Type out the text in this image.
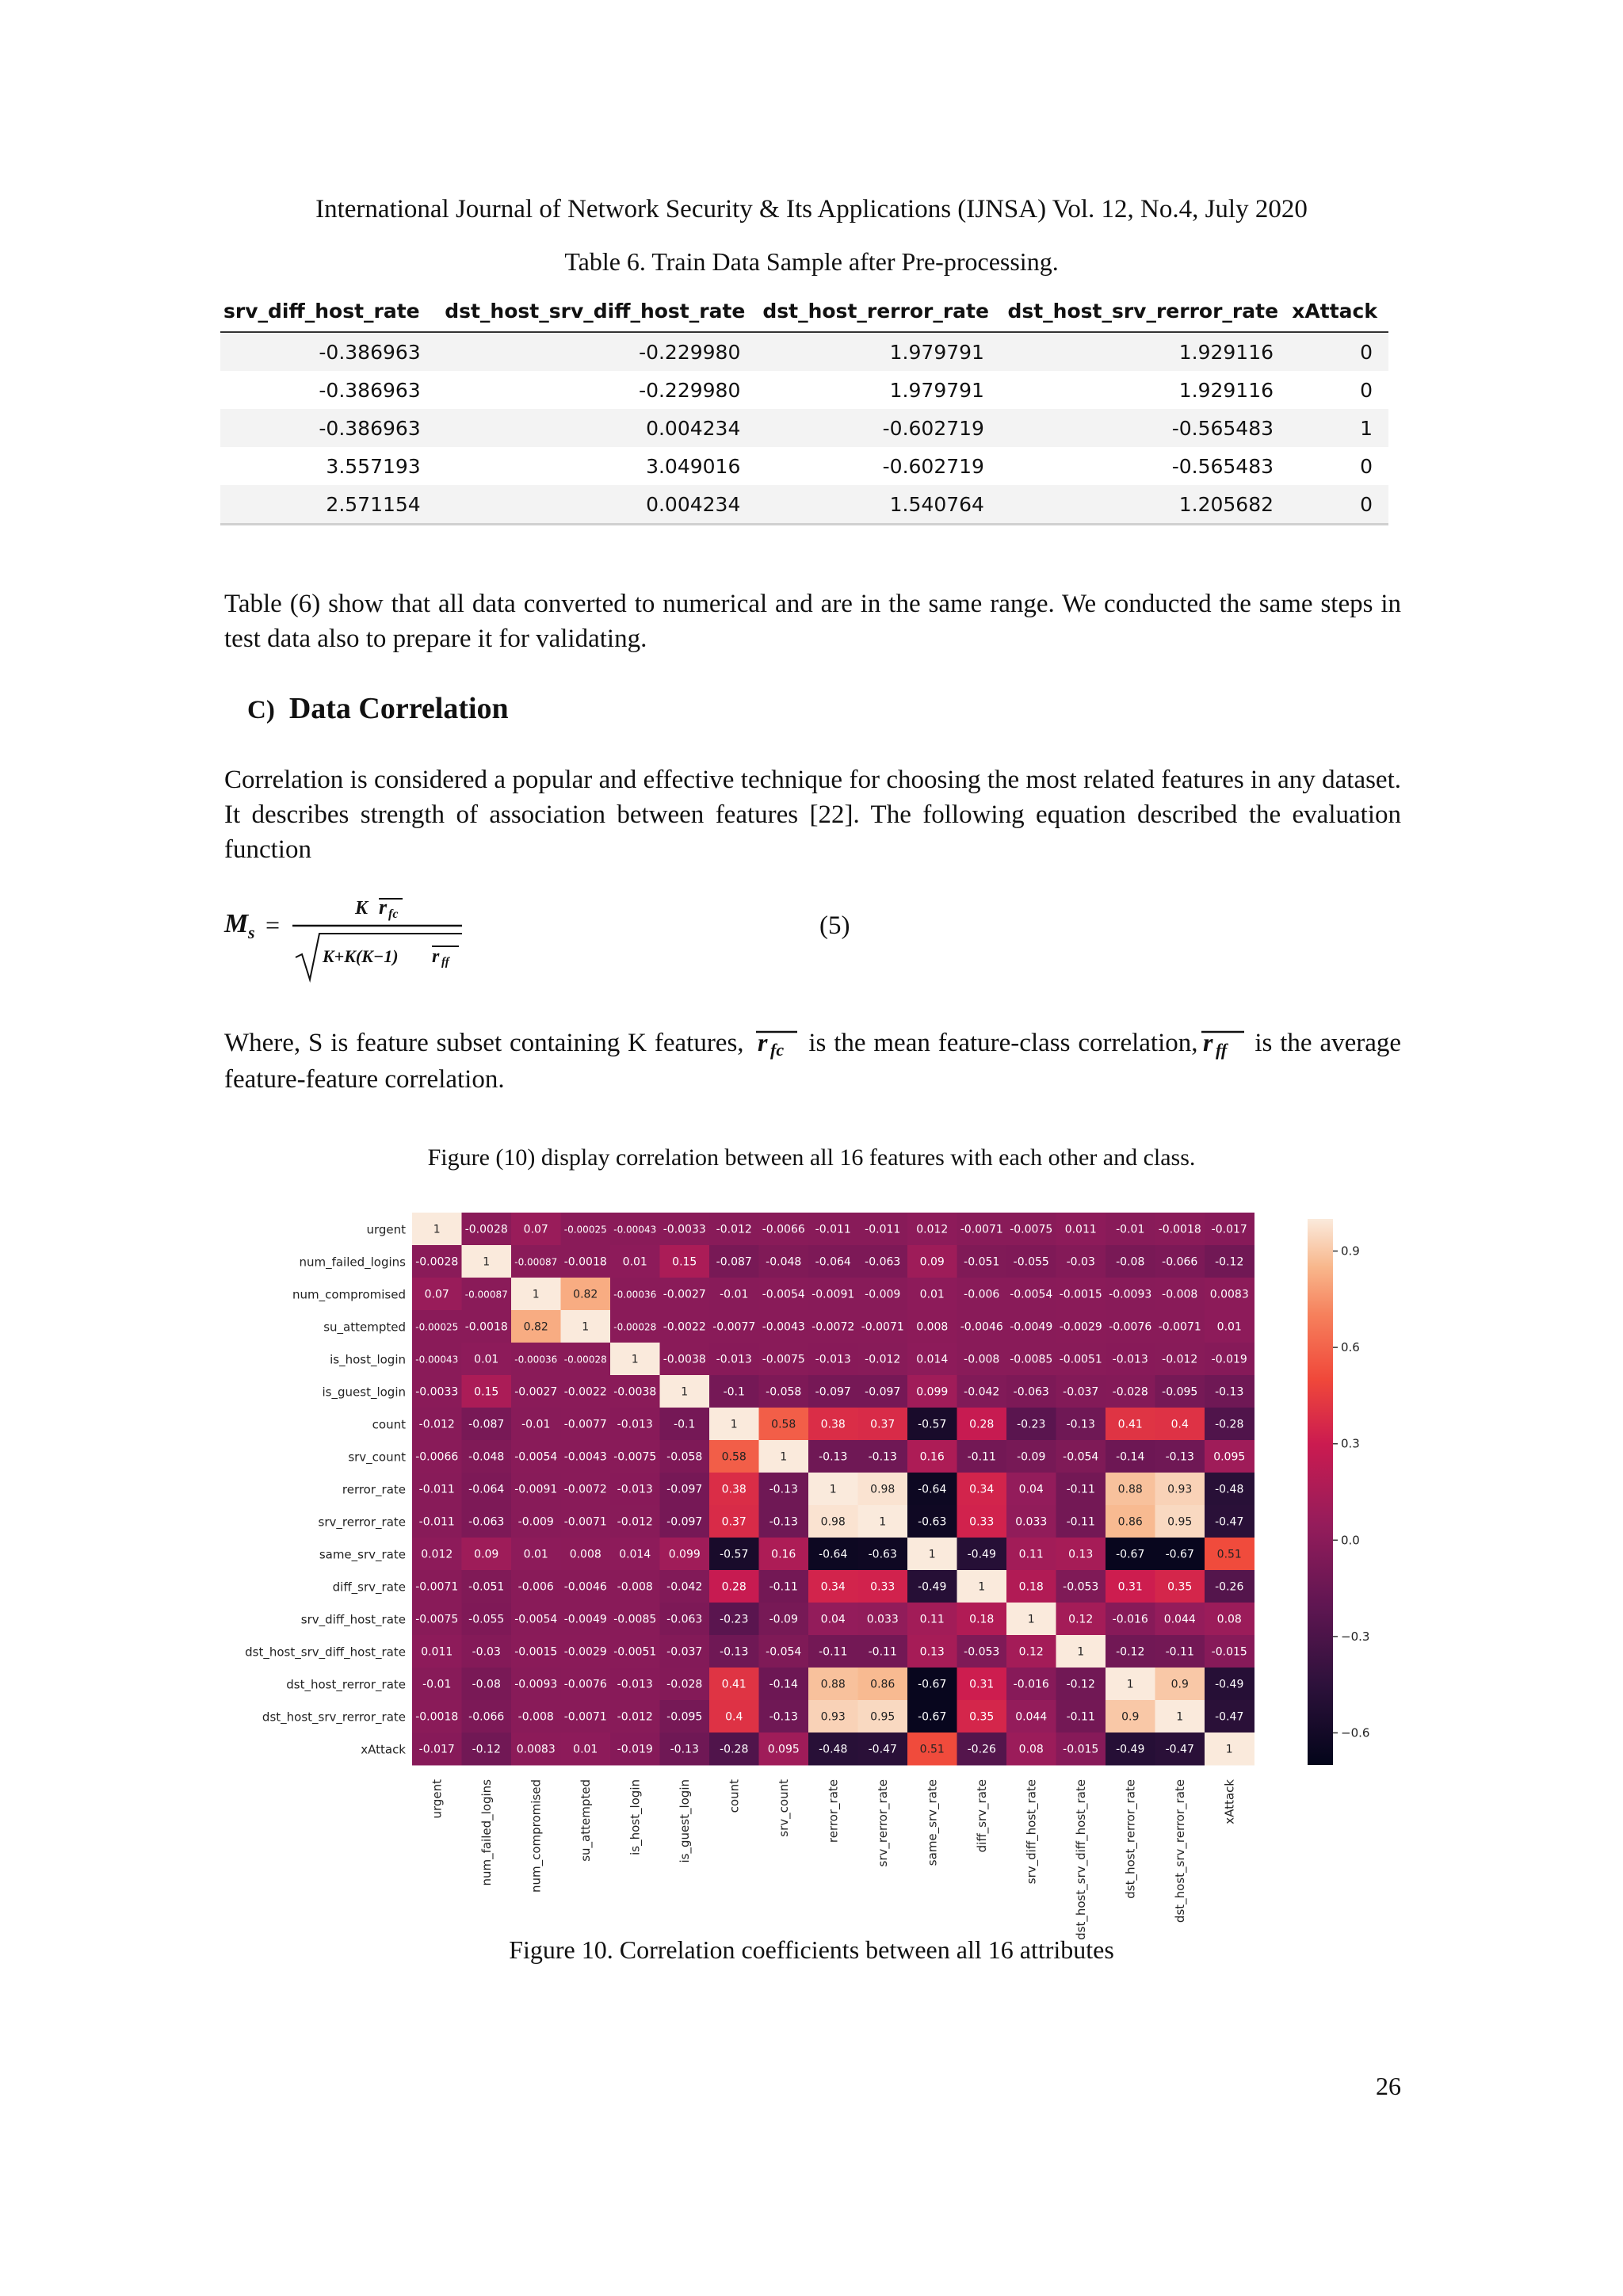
International Journal of Network Security & Its Applications (IJNSA) Vol. 12, No.4, July 2020
Table 6. Train Data Sample after Pre-processing.
srv_diff_host_rate	dst_host_srv_diff_host_rate	dst_host_rerror_rate	dst_host_srv_rerror_rate	xAttack
-0.386963	-0.229980	1.979791	1.929116	0
-0.386963	-0.229980	1.979791	1.929116	0
-0.386963	0.004234	-0.602719	-0.565483	1
3.557193	3.049016	-0.602719	-0.565483	0
2.571154	0.004234	1.540764	1.205682	0
Table (6) show that all data converted to numerical and are in the same range. We conducted the same steps in test data also to prepare it for validating.
C) Data Correlation
Correlation is considered a popular and effective technique for choosing the most related features in any dataset. It describes strength of association between features [22]. The following equation described the evaluation function
M s =
K r fc
K+K(K−1) r ff
(5)
Where, S is feature subset containing K features, r fc is the mean feature-class correlation, r ff is the average feature-feature correlation.
Figure (10) display correlation between all 16 features with each other and class.
1 -0.0028 0.07 -0.00025 -0.00043 -0.0033 -0.012 -0.0066 -0.011 -0.011 0.012 -0.0071 -0.0075 0.011 -0.01 -0.0018 -0.017
urgent
urgent
-0.0028 1	-0.00087 -0.0018 0.01 0.15 -0.087 -0.048 -0.064 -0.063 0.09 -0.051 -0.055 -0.03 -0.08 -0.066 -0.12
num_failed_logins
num_failed_logins
0.07 -0.00087 1	0.82 -0.00036 -0.0027 -0.01 -0.0054 -0.0091 -0.009 0.01 -0.006 -0.0054 -0.0015 -0.0093 -0.008 0.0083
num_compromised
num_compromised
-0.00025 -0.0018 0.82	1	-0.00028 -0.0022 -0.0077 -0.0043 -0.0072 -0.0071 0.008 -0.0046 -0.0049 -0.0029 -0.0076 -0.0071 0.01
su_attempted
su_attempted
-0.00043 0.01 -0.00036 -0.00028 1 -0.0038 -0.013 -0.0075 -0.013 -0.012 0.014 -0.008 -0.0085 -0.0051 -0.013 -0.012 -0.019
is_host_login
is_host_login
-0.0033 0.15 -0.0027 -0.0022 -0.0038 1	-0.1 -0.058 -0.097 -0.097 0.099 -0.042 -0.063 -0.037 -0.028 -0.095 -0.13
is_guest_login
is_guest_login
-0.012 -0.087 -0.01 -0.0077 -0.013 -0.1	1	0.58 0.38 0.37 -0.57 0.28 -0.23 -0.13 0.41	0.4 -0.28
count
count
-0.0066 -0.048 -0.0054 -0.0043 -0.0075 -0.058 0.58	1	-0.13 -0.13 0.16 -0.11 -0.09 -0.054 -0.14 -0.13 0.095
srv_count
srv_count
-0.011 -0.064 -0.0091 -0.0072 -0.013 -0.097 0.38 -0.13	1	0.98 -0.64 0.34 0.04 -0.11 0.88 0.93 -0.48
rerror_rate
rerror_rate
-0.011 -0.063 -0.009 -0.0071 -0.012 -0.097 0.37 -0.13 0.98	1	-0.63 0.33 0.033 -0.11 0.86 0.95 -0.47
srv_rerror_rate
srv_rerror_rate
0.012 0.09 0.01 0.008 0.014 0.099 -0.57 0.16 -0.64 -0.63	1	-0.49 0.11 0.13 -0.67 -0.67 0.51
same_srv_rate
same_srv_rate
-0.0071 -0.051 -0.006 -0.0046 -0.008 -0.042 0.28 -0.11 0.34 0.33 -0.49	1	0.18 -0.053 0.31 0.35 -0.26
diff_srv_rate
diff_srv_rate
-0.0075 -0.055 -0.0054 -0.0049 -0.0085 -0.063 -0.23 -0.09 0.04 0.033 0.11 0.18	1	0.12 -0.016 0.044 0.08
srv_diff_host_rate
srv_diff_host_rate
0.011 -0.03 -0.0015 -0.0029 -0.0051 -0.037 -0.13 -0.054 -0.11 -0.11 0.13 -0.053 0.12	1	-0.12 -0.11 -0.015
dst_host_srv_diff_host_rate
dst_host_srv_diff_host_rate
-0.01 -0.08 -0.0093 -0.0076 -0.013 -0.028 0.41 -0.14 0.88 0.86 -0.67 0.31 -0.016 -0.12	1	0.9 -0.49
dst_host_rerror_rate
dst_host_rerror_rate
-0.0018 -0.066 -0.008 -0.0071 -0.012 -0.095 0.4 -0.13 0.93 0.95 -0.67 0.35 0.044 -0.11 0.9	1	-0.47
dst_host_srv_rerror_rate
dst_host_srv_rerror_rate
-0.017 -0.12 0.0083 0.01 -0.019 -0.13 -0.28 0.095 -0.48 -0.47 0.51 -0.26 0.08 -0.015 -0.49 -0.47	1
xAttack
xAttack
0.9
0.6
0.3
0.0
−0.3
−0.6
Figure 10. Correlation coefficients between all 16 attributes
26
